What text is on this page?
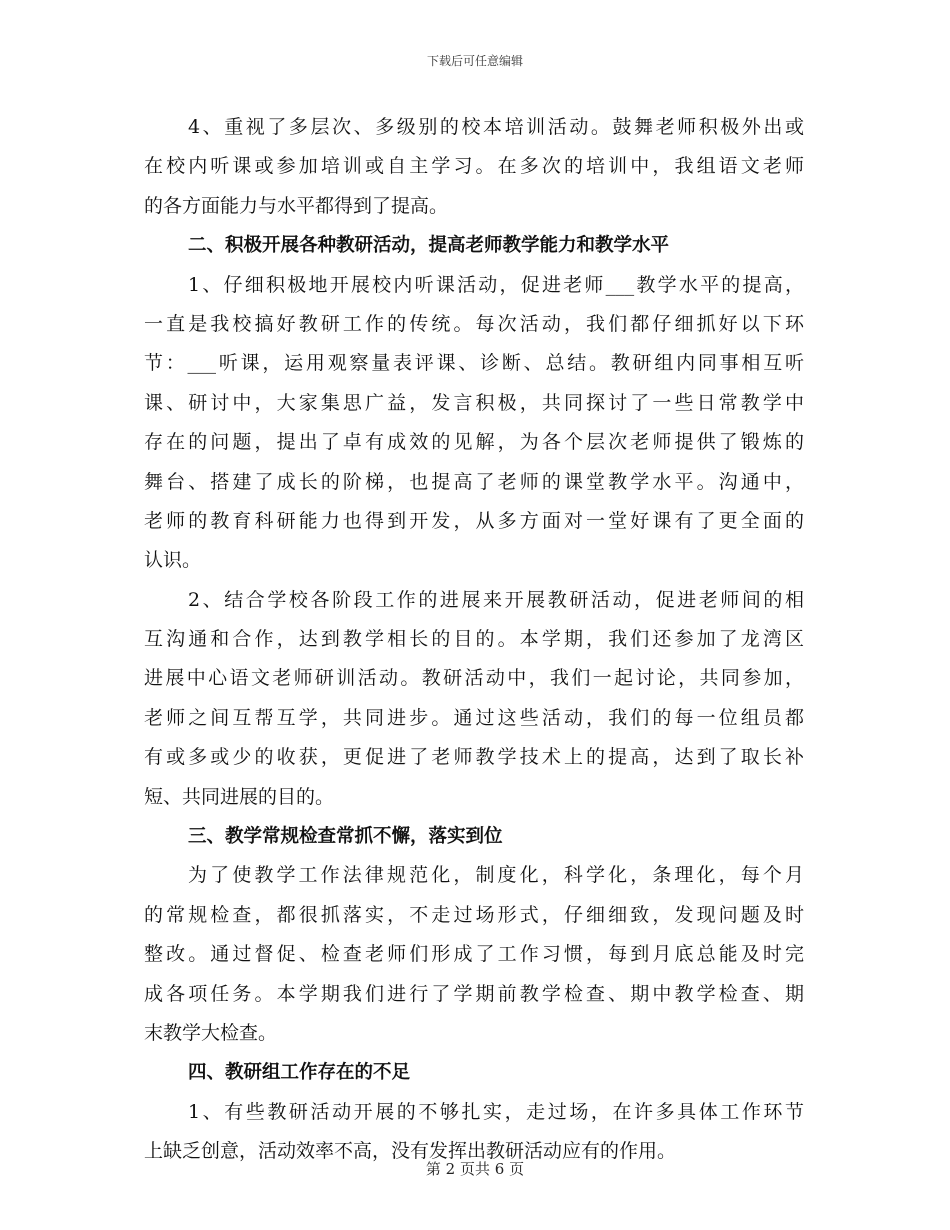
下载后可任意编辑
4、重视了多层次、多级别的校本培训活动。鼓舞老师积极外出或
在校内听课或参加培训或自主学习。在多次的培训中，我组语文老师
的各方面能力与水平都得到了提高。
二、积极开展各种教研活动，提高老师教学能力和教学水平
1、仔细积极地开展校内听课活动，促进老师___教学水平的提高，
一直是我校搞好教研工作的传统。每次活动，我们都仔细抓好以下环
节：___听课，运用观察量表评课、诊断、总结。教研组内同事相互听
课、研讨中，大家集思广益，发言积极，共同探讨了一些日常教学中
存在的问题，提出了卓有成效的见解，为各个层次老师提供了锻炼的
舞台、搭建了成长的阶梯，也提高了老师的课堂教学水平。沟通中，
老师的教育科研能力也得到开发，从多方面对一堂好课有了更全面的
认识。
2、结合学校各阶段工作的进展来开展教研活动，促进老师间的相
互沟通和合作，达到教学相长的目的。本学期，我们还参加了龙湾区
进展中心语文老师研训活动。教研活动中，我们一起讨论，共同参加，
老师之间互帮互学，共同进步。通过这些活动，我们的每一位组员都
有或多或少的收获，更促进了老师教学技术上的提高，达到了取长补
短、共同进展的目的。
三、教学常规检查常抓不懈，落实到位
为了使教学工作法律规范化，制度化，科学化，条理化，每个月
的常规检查，都很抓落实，不走过场形式，仔细细致，发现问题及时
整改。通过督促、检查老师们形成了工作习惯，每到月底总能及时完
成各项任务。本学期我们进行了学期前教学检查、期中教学检查、期
末教学大检查。
四、教研组工作存在的不足
1、有些教研活动开展的不够扎实，走过场，在许多具体工作环节
上缺乏创意，活动效率不高，没有发挥出教研活动应有的作用。
第 2 页共 6 页
